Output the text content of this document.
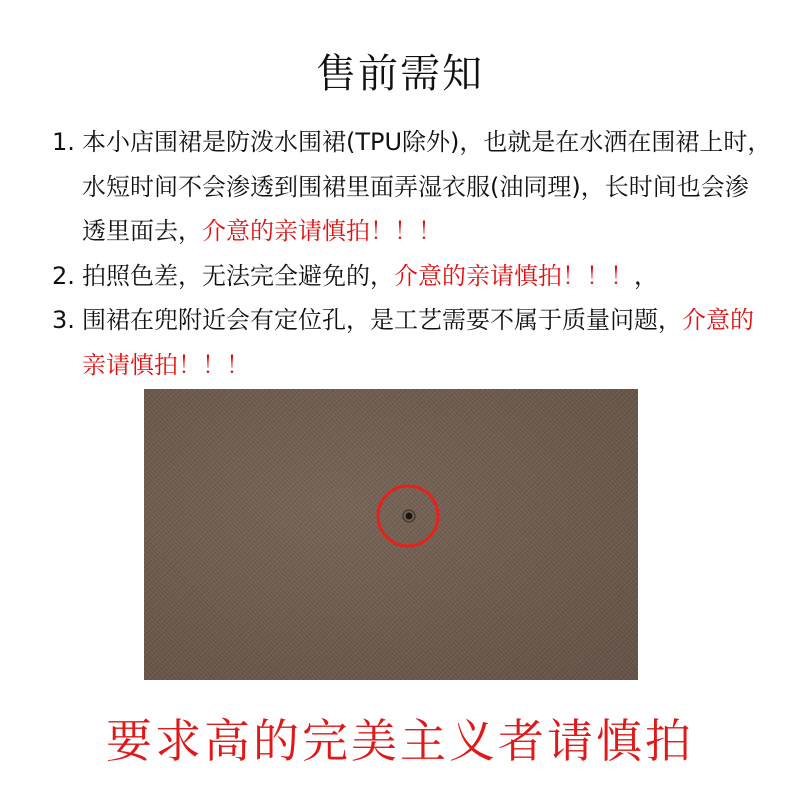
售前需知
1. 本小店围裙是防泼水围裙(TPU除外)，也就是在水洒在围裙上时，水短时间不会渗透到围裙里面弄湿衣服(油同理)，长时间也会渗透里面去，介意的亲请慎拍！！！
2. 拍照色差，无法完全避免的，介意的亲请慎拍！！！，
3. 围裙在兜附近会有定位孔，是工艺需要不属于质量问题，介意的亲请慎拍！！！
要求高的完美主义者请慎拍
